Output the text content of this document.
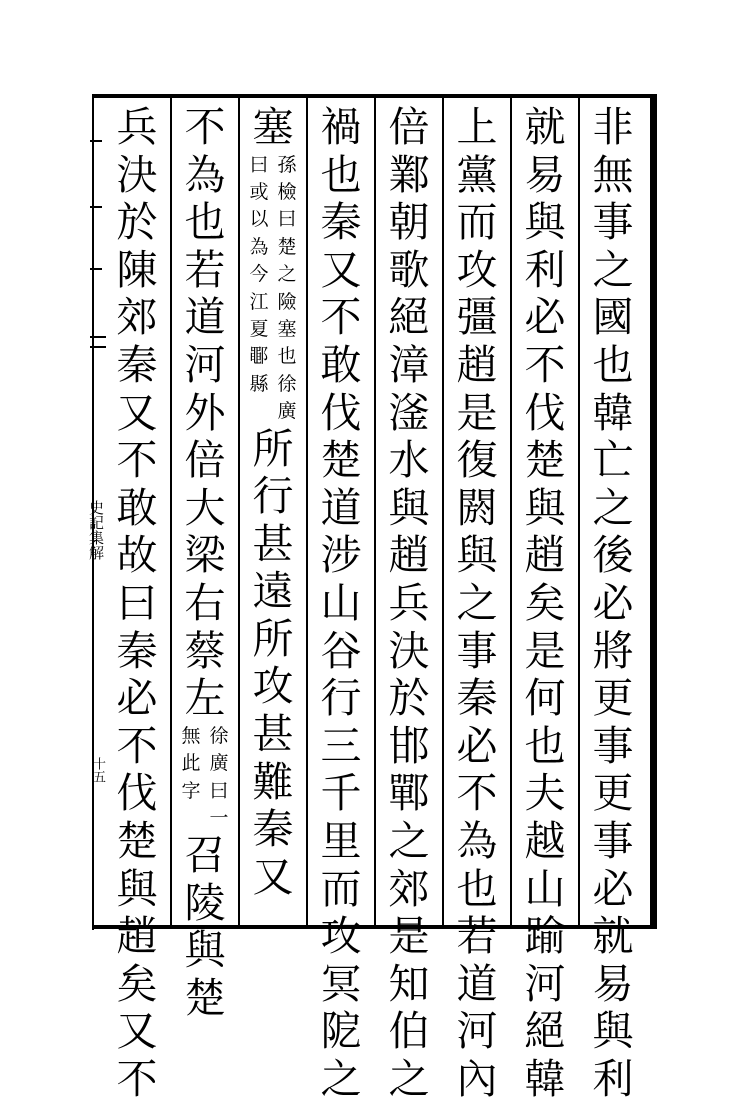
史記集解
十五
非
無
事
之
國
也
韓
亡
之
後
必
將
更
事
更
事
必
就
易
與
利
就
易
與
利
必
不
伐
楚
與
趙
矣
是
何
也
夫
越
山
踰
河
絕
韓
上
黨
而
攻
彊
趙
是
復
閼
與
之
事
秦
必
不
為
也
若
道
河
內
倍
鄴
朝
歌
絕
漳
滏
水
與
趙
兵
決
於
邯
鄲
之
郊
是
知
伯
之
禍
也
秦
又
不
敢
伐
楚
道
涉
山
谷
行
三
千
里
而
攻
冥
阸
之
塞
孫
檢
曰
楚
之
險
塞
也
徐
廣
曰
或
以
為
今
江
夏
鄳
縣
所
行
甚
遠
所
攻
甚
難
秦
又
不
為
也
若
道
河
外
倍
大
梁
右
蔡
左
徐
廣
曰
一
無
此
字
召
陵
與
楚
兵
決
於
陳
郊
秦
又
不
敢
故
曰
秦
必
不
伐
楚
與
趙
矣
又
不
